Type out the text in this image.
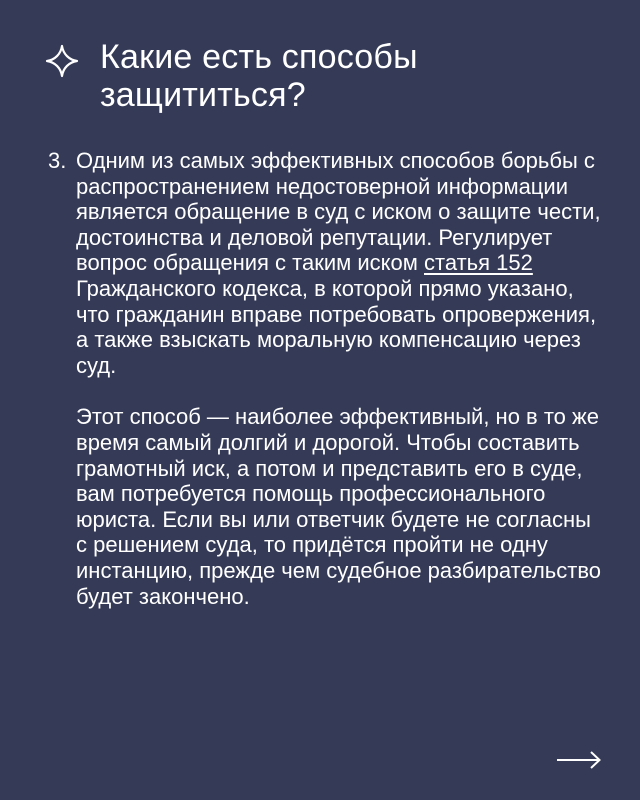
Какие есть способы защититься?
3. Одним из самых эффективных способов борьбы с распространением недостоверной информации является обращение в суд с иском о защите чести, достоинства и деловой репутации. Регулирует вопрос обращения с таким иском статья 152 Гражданского кодекса, в которой прямо указано, что гражданин вправе потребовать опровержения, а также взыскать моральную компенсацию через суд.

Этот способ — наиболее эффективный, но в то же время самый долгий и дорогой. Чтобы составить грамотный иск, а потом и представить его в суде, вам потребуется помощь профессионального юриста. Если вы или ответчик будете не согласны с решением суда, то придётся пройти не одну инстанцию, прежде чем судебное разбирательство будет закончено.
